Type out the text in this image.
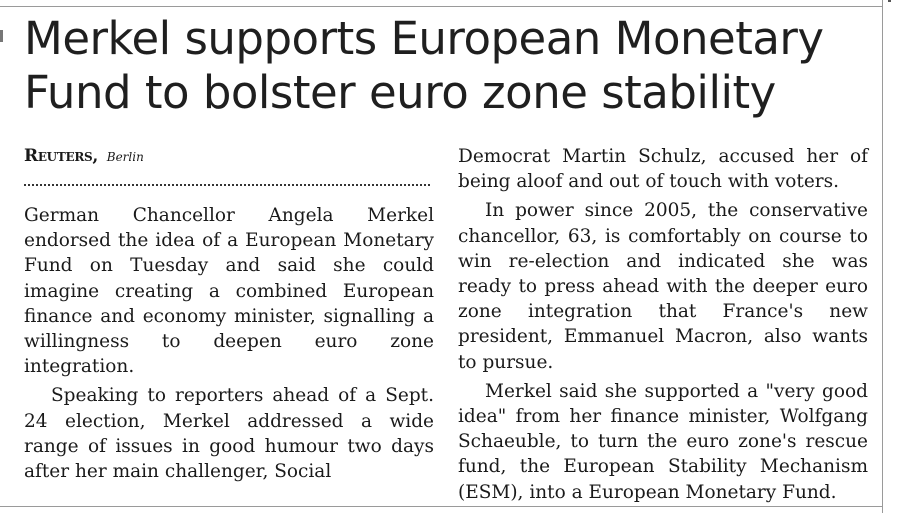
Merkel supports European Monetary Fund to bolster euro zone stability
Reuters, Berlin

German Chancellor Angela Merkel endorsed the idea of a European Monetary Fund on Tuesday and said she could imagine creating a combined European finance and economy minister, signalling a willingness to deepen euro zone integration.

Speaking to reporters ahead of a Sept. 24 election, Merkel addressed a wide range of issues in good humour two days after her main challenger, Social

Democrat Martin Schulz, accused her of being aloof and out of touch with voters.

In power since 2005, the conservative chancellor, 63, is comfortably on course to win re-election and indicated she was ready to press ahead with the deeper euro zone integration that France's new president, Emmanuel Macron, also wants to pursue.

Merkel said she supported a "very good idea" from her finance minister, Wolfgang Schaeuble, to turn the euro zone's rescue fund, the European Stability Mechanism (ESM), into a European Monetary Fund.
